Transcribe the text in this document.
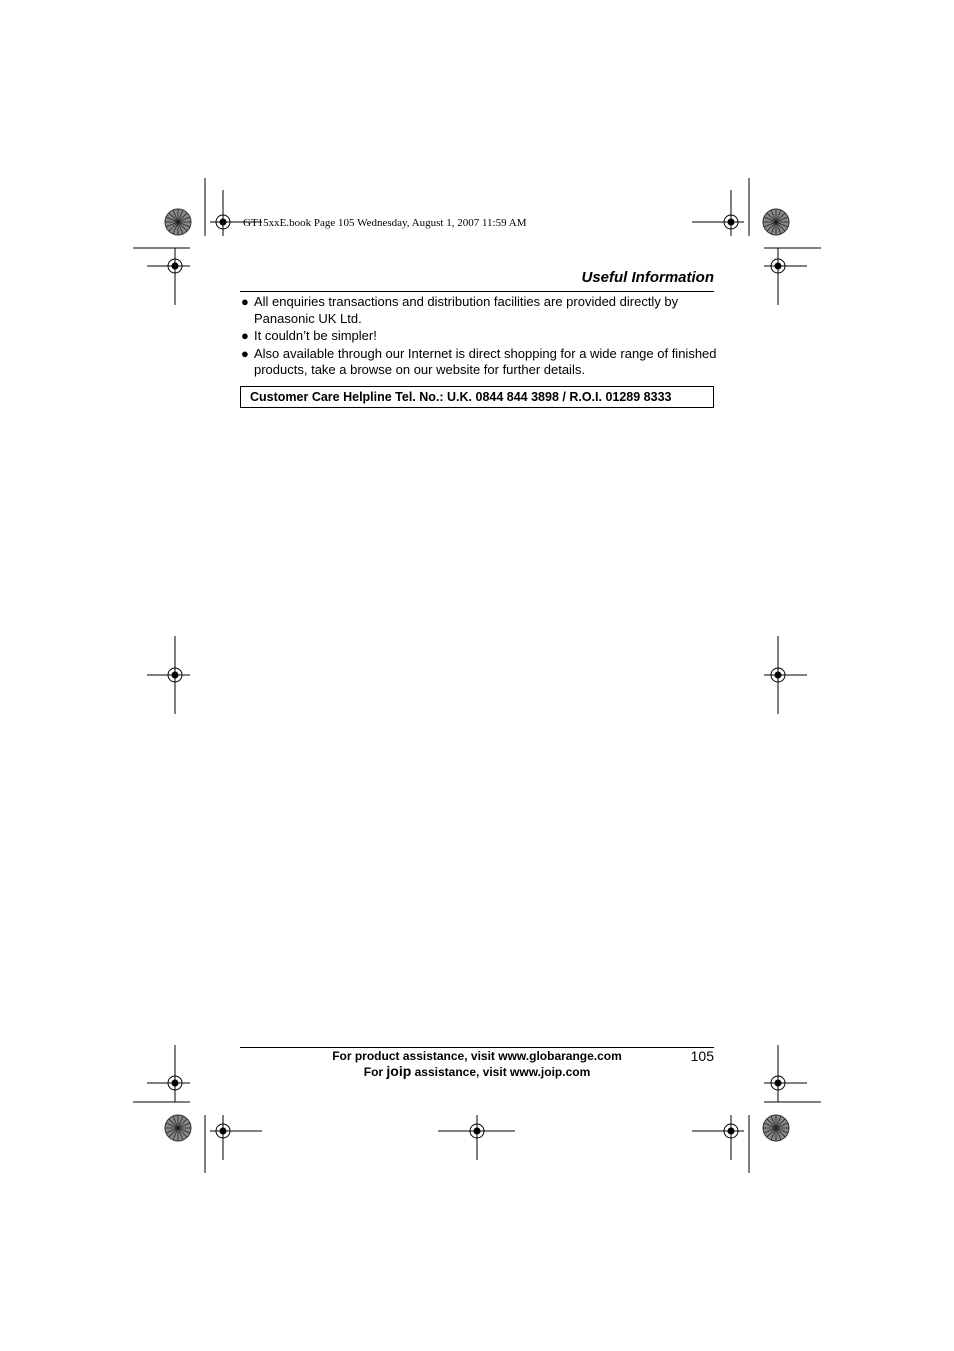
GT15xxE.book Page 105 Wednesday, August 1, 2007 11:59 AM
Useful Information
● All enquiries transactions and distribution facilities are provided directly by Panasonic UK Ltd.
● It couldn’t be simpler!
● Also available through our Internet is direct shopping for a wide range of finished products, take a browse on our website for further details.
Customer Care Helpline Tel. No.: U.K. 0844 844 3898 / R.O.I. 01289 8333
For product assistance, visit www.globarange.com
For joip assistance, visit www.joip.com
105
